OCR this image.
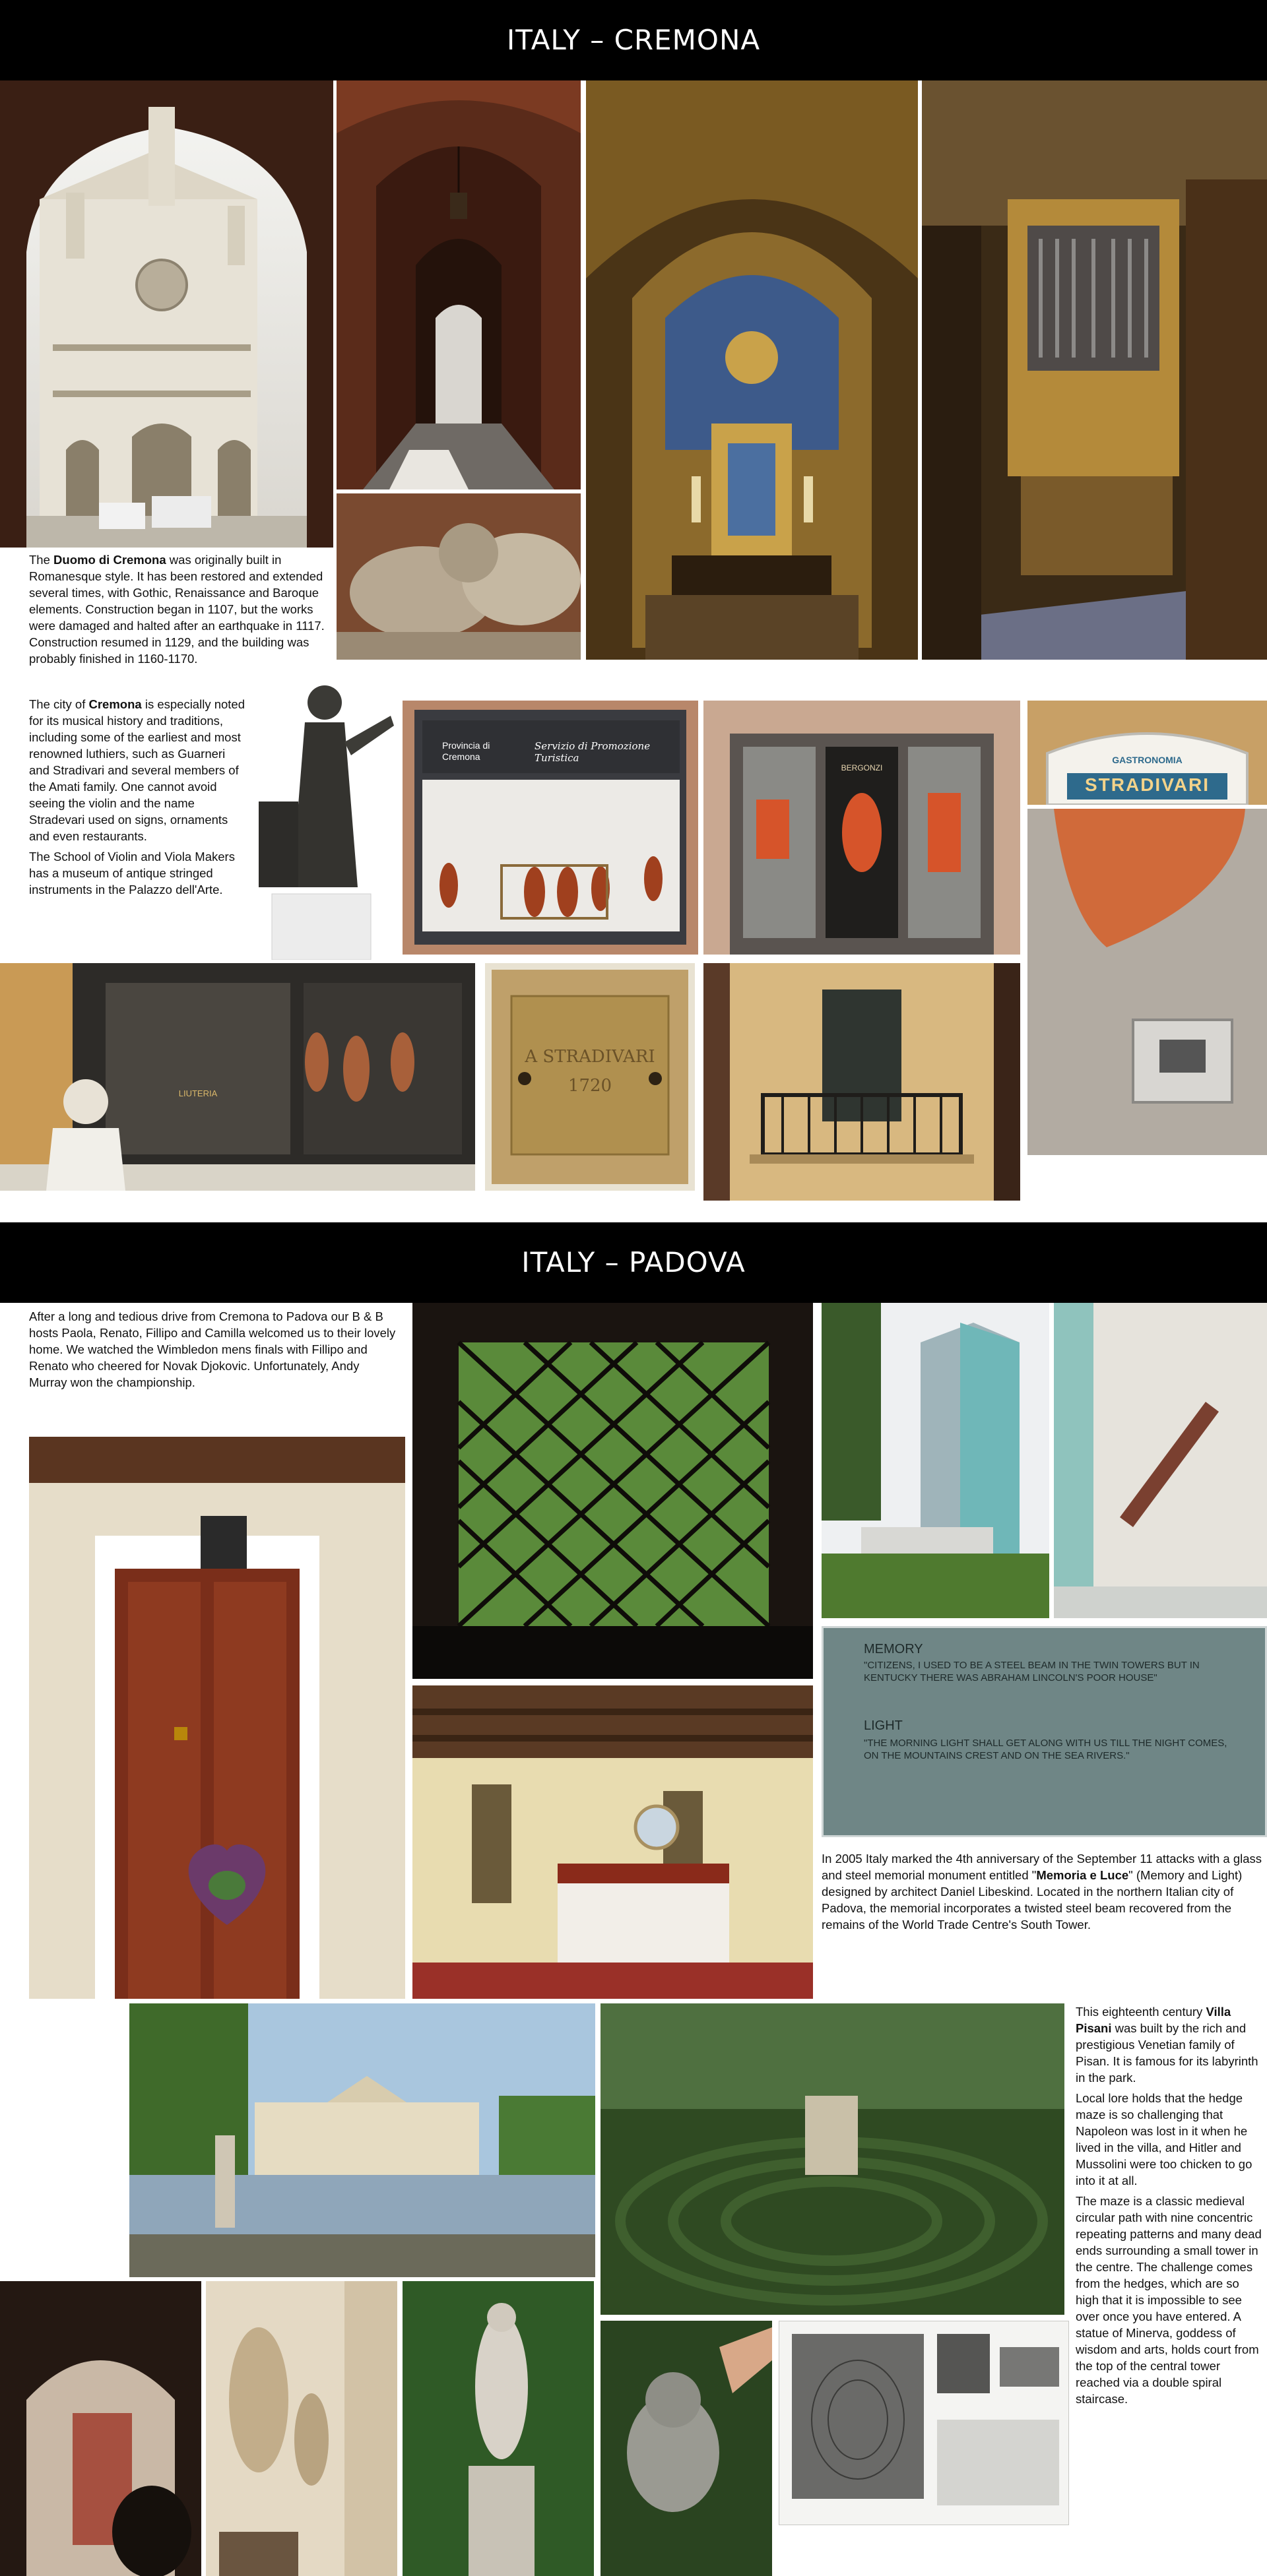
ITALY – CREMONA

The Duomo di Cremona was originally built in Romanesque style. It has been restored and extended several times, with Gothic, Renaissance and Baroque elements. Construction began in 1107, but the works were damaged and halted after an earthquake in 1117. Construction resumed in 1129, and the building was probably finished in 1160-1170.

The city of Cremona is especially noted for its musical history and traditions, including some of the earliest and most renowned luthiers, such as Guarneri and Stradivari and several members of the Amati family. One cannot avoid seeing the violin and the name Stradevari used on signs, ornaments and even restaurants.

The School of Violin and Viola Makers has a museum of antique stringed instruments in the Palazzo dell'Arte.

Provincia di Cremona
Servizio di Promozione Turistica
BERGONZI
GASTRONOMIA
STRADIVARI
LIUTERIA
A STRADIVARI 1720
ITALY – PADOVA

After a long and tedious drive from Cremona to Padova our B & B hosts Paola, Renato, Fillipo and Camilla welcomed us to their lovely home. We watched the Wimbledon mens finals with Fillipo and Renato who cheered for Novak Djokovic. Unfortunately, Andy Murray won the championship.

MEMORY
"CITIZENS, I USED TO BE A STEEL BEAM IN THE TWIN TOWERS BUT IN KENTUCKY THERE WAS ABRAHAM LINCOLN'S POOR HOUSE"
LIGHT
"THE MORNING LIGHT SHALL GET ALONG WITH US TILL THE NIGHT COMES, ON THE MOUNTAINS CREST AND ON THE SEA RIVERS."

In 2005 Italy marked the 4th anniversary of the September 11 attacks with a glass and steel memorial monument entitled "Memoria e Luce" (Memory and Light) designed by architect Daniel Libeskind. Located in the northern Italian city of Padova, the memorial incorporates a twisted steel beam recovered from the remains of the World Trade Centre's South Tower.

This eighteenth century Villa Pisani was built by the rich and prestigious Venetian family of Pisan. It is famous for its labyrinth in the park.

Local lore holds that the hedge maze is so challenging that Napoleon was lost in it when he lived in the villa, and Hitler and Mussolini were too chicken to go into it at all.

The maze is a classic medieval circular path with nine concentric repeating patterns and many dead ends surrounding a small tower in the centre. The challenge comes from the hedges, which are so high that it is impossible to see over once you have entered. A statue of Minerva, goddess of wisdom and arts, holds court from the top of the central tower reached via a double spiral staircase.
